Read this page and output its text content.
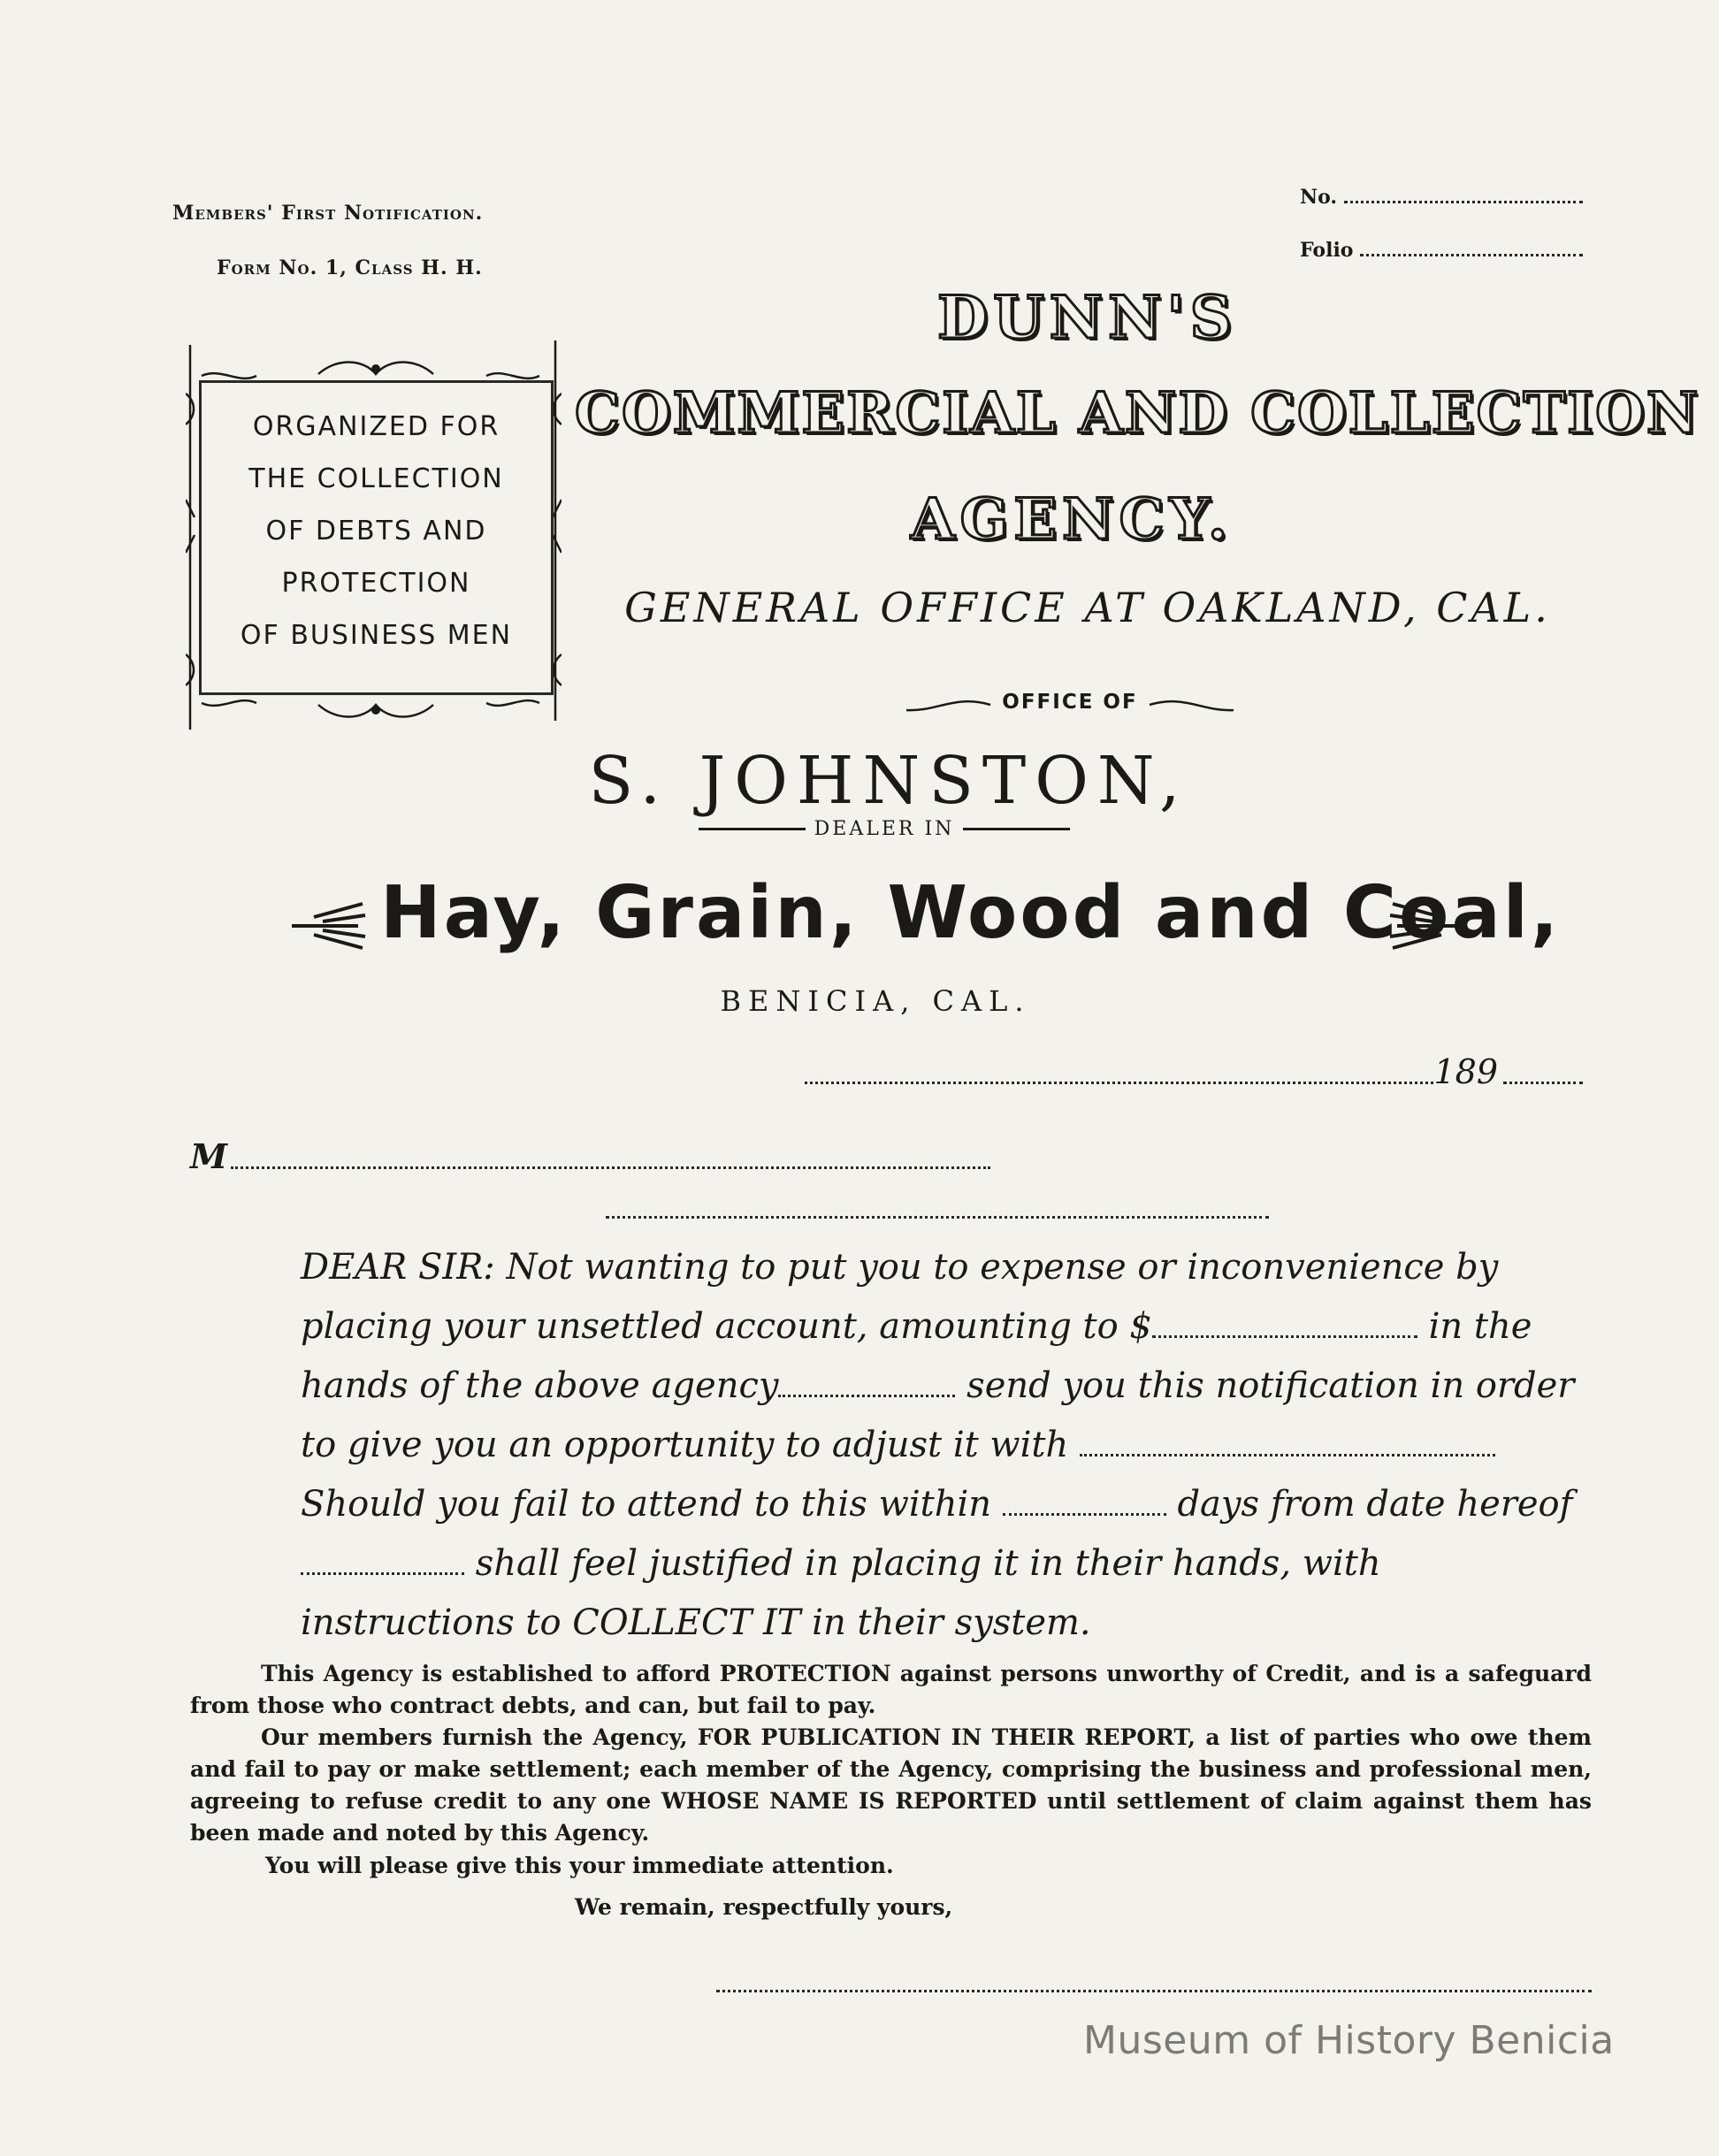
Members' First Notification.
Form No. 1, Class H. H.
No.
Folio
ORGANIZED FOR
THE COLLECTION
OF DEBTS AND
PROTECTION
OF BUSINESS MEN
DUNN'S
COMMERCIAL AND COLLECTION
AGENCY.
GENERAL OFFICE AT OAKLAND, CAL.
OFFICE OF
S. JOHNSTON,
DEALER IN
Hay, Grain, Wood and Coal,
BENICIA, CAL.
189
M

DEAR SIR: Not wanting to put you to expense or inconvenience by placing your unsettled account, amounting to $	in the hands of the above agency	send you this notification in order to give you an opportunity to adjust it with

Should you fail to attend to this within	days from date hereof  shall feel justified in placing it in their hands, with instructions to COLLECT IT in their system.

This Agency is established to afford PROTECTION against persons unworthy of Credit, and is a safeguard from those who contract debts, and can, but fail to pay.

Our members furnish the Agency, FOR PUBLICATION IN THEIR REPORT, a list of parties who owe them and fail to pay or make settlement; each member of the Agency, comprising the business and professional men, agreeing to refuse credit to any one WHOSE NAME IS REPORTED until settlement of claim against them has been made and noted by this Agency.

You will please give this your immediate attention.
We remain, respectfully yours,
Museum of History Benicia
